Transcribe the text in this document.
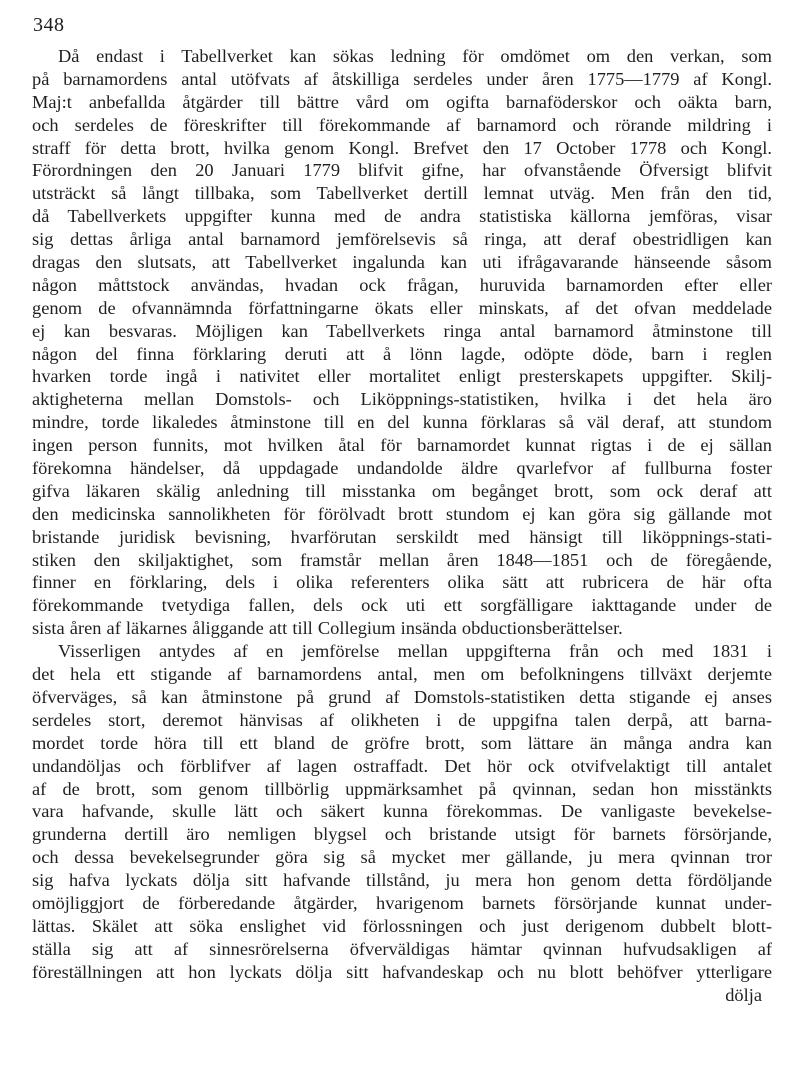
348
Då endast i Tabellverket kan sökas ledning för omdömet om den verkan, som
på barnamordens antal utöfvats af åtskilliga serdeles under åren 1775—1779 af Kongl.
Maj:t anbefallda åtgärder till bättre vård om ogifta barnaföderskor och oäkta barn,
och serdeles de föreskrifter till förekommande af barnamord och rörande mildring i
straff för detta brott, hvilka genom Kongl. Brefvet den 17 October 1778 och Kongl.
Förordningen den 20 Januari 1779 blifvit gifne, har ofvanstående Öfversigt blifvit
utsträckt så långt tillbaka, som Tabellverket dertill lemnat utväg. Men från den tid,
då Tabellverkets uppgifter kunna med de andra statistiska källorna jemföras, visar
sig dettas årliga antal barnamord jemförelsevis så ringa, att deraf obestridligen kan
dragas den slutsats, att Tabellverket ingalunda kan uti ifrågavarande hänseende såsom
någon måttstock användas, hvadan ock frågan, huruvida barnamorden efter eller
genom de ofvannämnda författningarne ökats eller minskats, af det ofvan meddelade
ej kan besvaras. Möjligen kan Tabellverkets ringa antal barnamord åtminstone till
någon del finna förklaring deruti att å lönn lagde, odöpte döde, barn i reglen
hvarken torde ingå i nativitet eller mortalitet enligt presterskapets uppgifter. Skilj-
aktigheterna mellan Domstols- och Liköppnings-statistiken, hvilka i det hela äro
mindre, torde likaledes åtminstone till en del kunna förklaras så väl deraf, att stundom
ingen person funnits, mot hvilken åtal för barnamordet kunnat rigtas i de ej sällan
förekomna händelser, då uppdagade undandolde äldre qvarlefvor af fullburna foster
gifva läkaren skälig anledning till misstanka om begånget brott, som ock deraf att
den medicinska sannolikheten för förölvadt brott stundom ej kan göra sig gällande mot
bristande juridisk bevisning, hvarförutan serskildt med hänsigt till liköppnings-stati-
stiken den skiljaktighet, som framstår mellan åren 1848—1851 och de föregående,
finner en förklaring, dels i olika referenters olika sätt att rubricera de här ofta
förekommande tvetydiga fallen, dels ock uti ett sorgfälligare iakttagande under de
sista åren af läkarnes åliggande att till Collegium insända obductionsberättelser.
Visserligen antydes af en jemförelse mellan uppgifterna från och med 1831 i
det hela ett stigande af barnamordens antal, men om befolkningens tillväxt derjemte
öfverväges, så kan åtminstone på grund af Domstols-statistiken detta stigande ej anses
serdeles stort, deremot hänvisas af olikheten i de uppgifna talen derpå, att barna-
mordet torde höra till ett bland de gröfre brott, som lättare än många andra kan
undandöljas och förblifver af lagen ostraffadt. Det hör ock otvifvelaktigt till antalet
af de brott, som genom tillbörlig uppmärksamhet på qvinnan, sedan hon misstänkts
vara hafvande, skulle lätt och säkert kunna förekommas. De vanligaste bevekelse-
grunderna dertill äro nemligen blygsel och bristande utsigt för barnets försörjande,
och dessa bevekelsegrunder göra sig så mycket mer gällande, ju mera qvinnan tror
sig hafva lyckats dölja sitt hafvande tillstånd, ju mera hon genom detta fördöljande
omöjliggjort de förberedande åtgärder, hvarigenom barnets försörjande kunnat under-
lättas. Skälet att söka enslighet vid förlossningen och just derigenom dubbelt blott-
ställa sig att af sinnesrörelserna öfverväldigas hämtar qvinnan hufvudsakligen af
föreställningen att hon lyckats dölja sitt hafvandeskap och nu blott behöfver ytterligare
dölja
